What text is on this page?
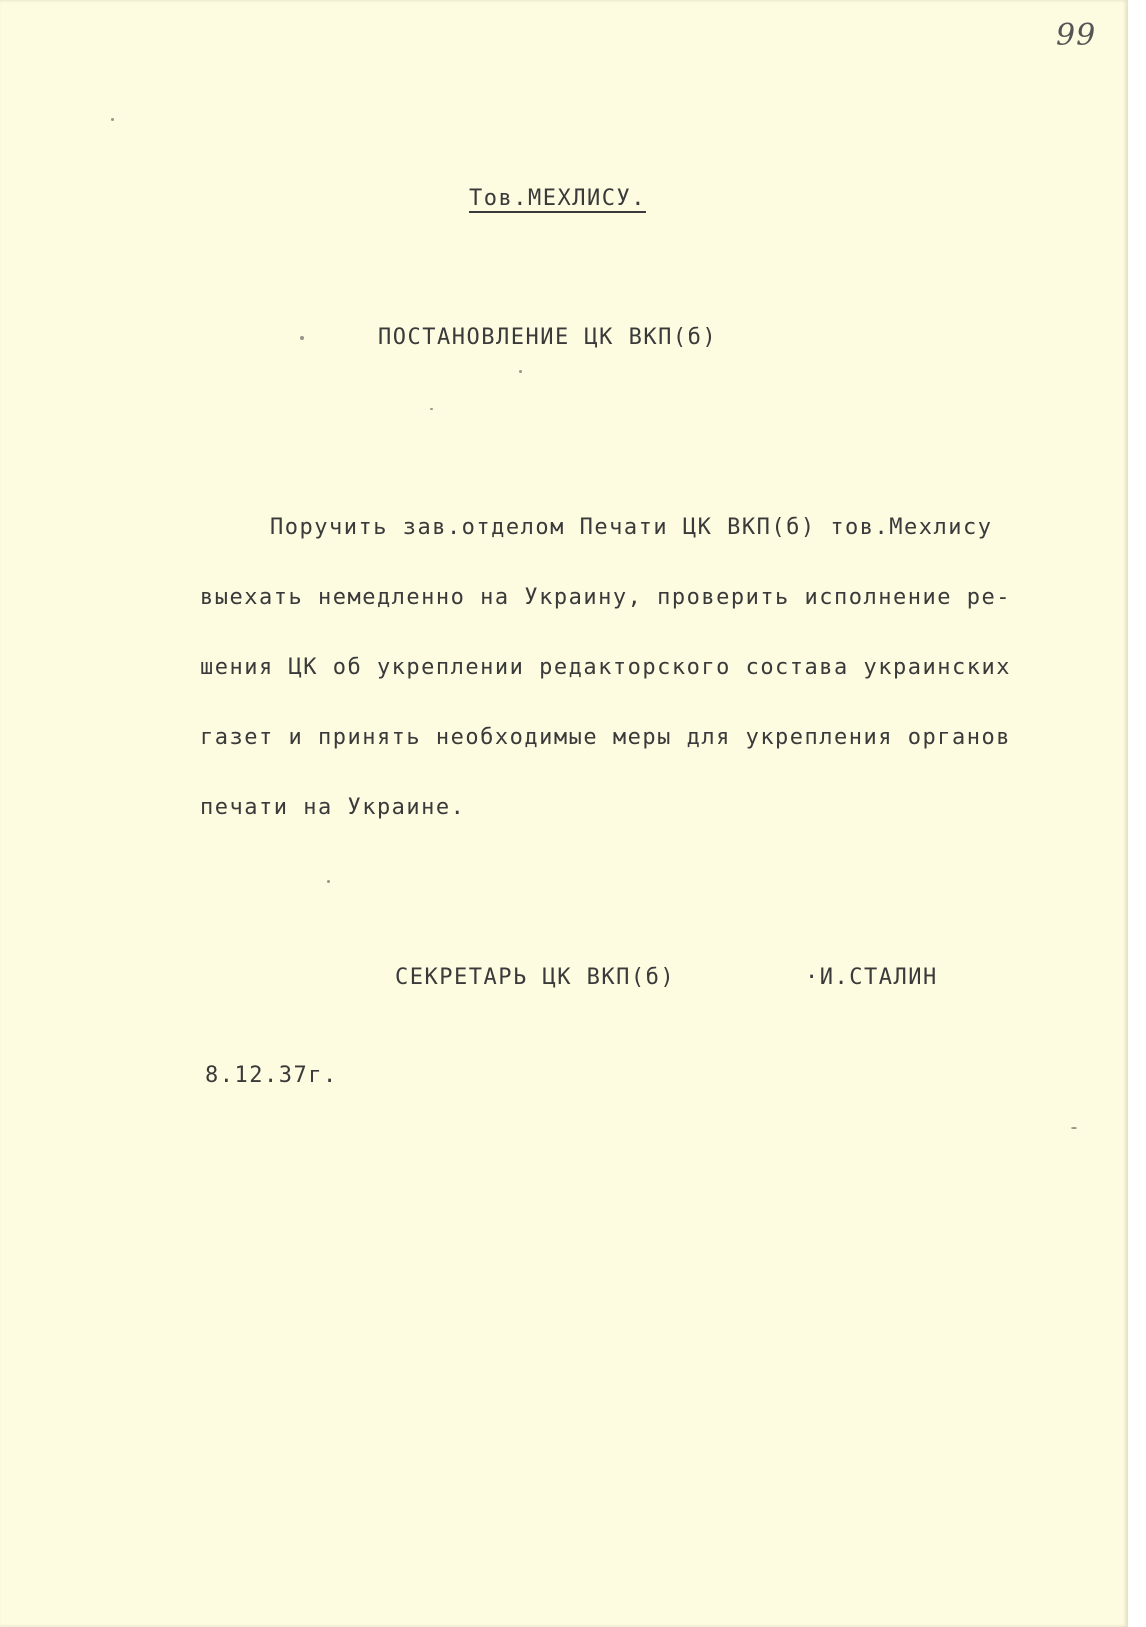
99
Тов.МЕХЛИСУ.
ПОСТАНОВЛЕНИЕ ЦК ВКП(б)
Поручить зав.отделом Печати ЦК ВКП(б) тов.Мехлису
выехать немедленно на Украину, проверить исполнение ре-
шения ЦК об укреплении редакторского состава украинских
газет и принять необходимые меры для укрепления органов
печати на Украине.
СЕКРЕТАРЬ ЦК ВКП(б)	·И.СТАЛИН
8.12.37г.
